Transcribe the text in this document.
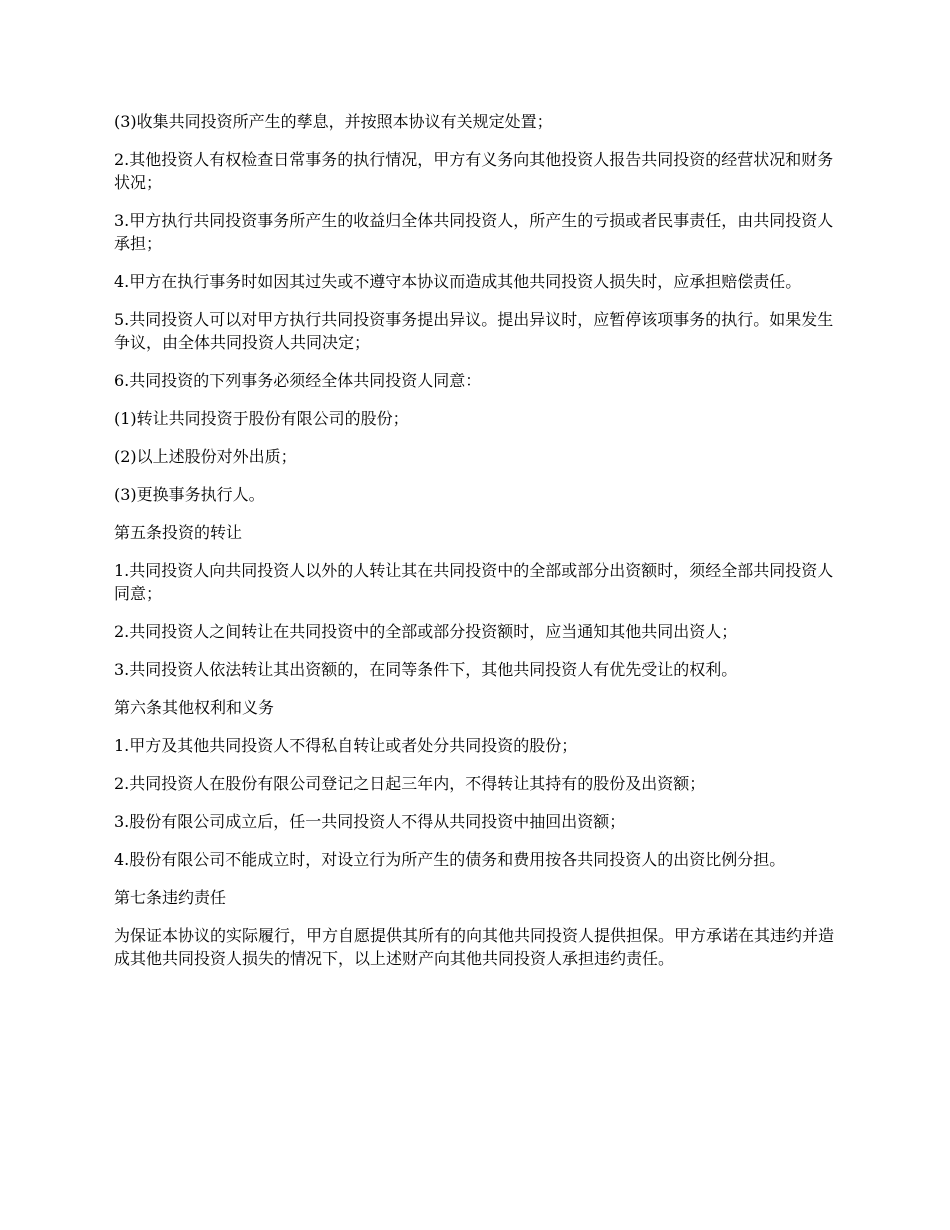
(3)收集共同投资所产生的孳息，并按照本协议有关规定处置；

2.其他投资人有权检查日常事务的执行情况，甲方有义务向其他投资人报告共同投资的经营状况和财务状况；

3.甲方执行共同投资事务所产生的收益归全体共同投资人，所产生的亏损或者民事责任，由共同投资人承担；

4.甲方在执行事务时如因其过失或不遵守本协议而造成其他共同投资人损失时，应承担赔偿责任。

5.共同投资人可以对甲方执行共同投资事务提出异议。提出异议时，应暂停该项事务的执行。如果发生争议，由全体共同投资人共同决定；

6.共同投资的下列事务必须经全体共同投资人同意：

(1)转让共同投资于股份有限公司的股份；

(2)以上述股份对外出质；

(3)更换事务执行人。

第五条投资的转让

1.共同投资人向共同投资人以外的人转让其在共同投资中的全部或部分出资额时，须经全部共同投资人同意；

2.共同投资人之间转让在共同投资中的全部或部分投资额时，应当通知其他共同出资人；

3.共同投资人依法转让其出资额的，在同等条件下，其他共同投资人有优先受让的权利。

第六条其他权利和义务

1.甲方及其他共同投资人不得私自转让或者处分共同投资的股份；

2.共同投资人在股份有限公司登记之日起三年内，不得转让其持有的股份及出资额；

3.股份有限公司成立后，任一共同投资人不得从共同投资中抽回出资额；

4.股份有限公司不能成立时，对设立行为所产生的债务和费用按各共同投资人的出资比例分担。

第七条违约责任

为保证本协议的实际履行，甲方自愿提供其所有的向其他共同投资人提供担保。甲方承诺在其违约并造成其他共同投资人损失的情况下，以上述财产向其他共同投资人承担违约责任。
